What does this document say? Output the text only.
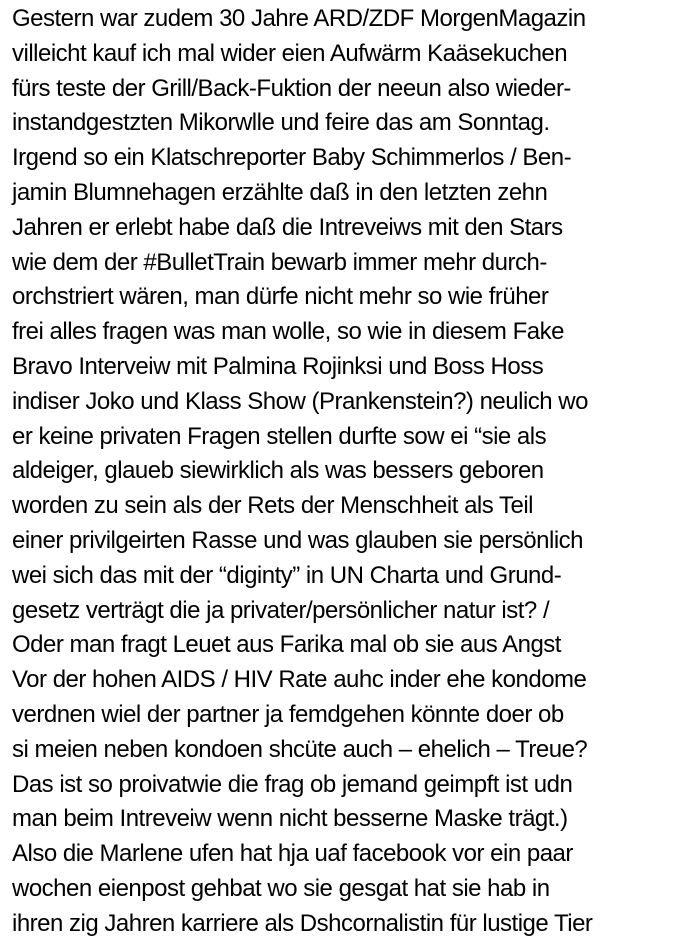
Gestern war zudem 30 Jahre ARD/ZDF MorgenMagazin
villeicht kauf ich mal wider eien Aufwärm Kaäsekuchen
fürs teste der Grill/Back-Fuktion der neeun also wieder-
instandgestzten Mikorwlle und feire das am Sonntag.
Irgend so ein Klatschreporter Baby Schimmerlos / Ben-
jamin Blumnehagen erzählte daß in den letzten zehn
Jahren er erlebt habe daß die Intreveiws mit den Stars
wie dem der #BulletTrain bewarb immer mehr durch-
orchstriert wären, man dürfe nicht mehr so wie früher
frei alles fragen was man wolle, so wie in diesem Fake
Bravo Interveiw mit Palmina Rojinksi und Boss Hoss
indiser Joko und Klass Show (Prankenstein?) neulich wo
er keine privaten Fragen stellen durfte sow ei “sie als
aldeiger, glaueb siewirklich als was bessers geboren
worden zu sein als der Rets der Menschheit als Teil
einer privilgeirten Rasse und was glauben sie persönlich
wei sich das mit der “diginty” in UN Charta und Grund-
gesetz verträgt die ja privater/persönlicher natur ist? /
Oder man fragt Leuet aus Farika mal ob sie aus Angst
Vor der hohen AIDS / HIV Rate auhc inder ehe kondome
verdnen wiel der partner ja femdgehen könnte doer ob
si meien neben kondoen shcüte auch – ehelich – Treue?
Das ist so proivatwie die frag ob jemand geimpft ist udn
man beim Intreveiw wenn nicht besserne Maske trägt.)
Also die Marlene ufen hat hja uaf facebook vor ein paar
wochen eienpost gehbat wo sie gesgat hat sie hab in
ihren zig Jahren karriere als Dshcornalistin für lustige Tier
